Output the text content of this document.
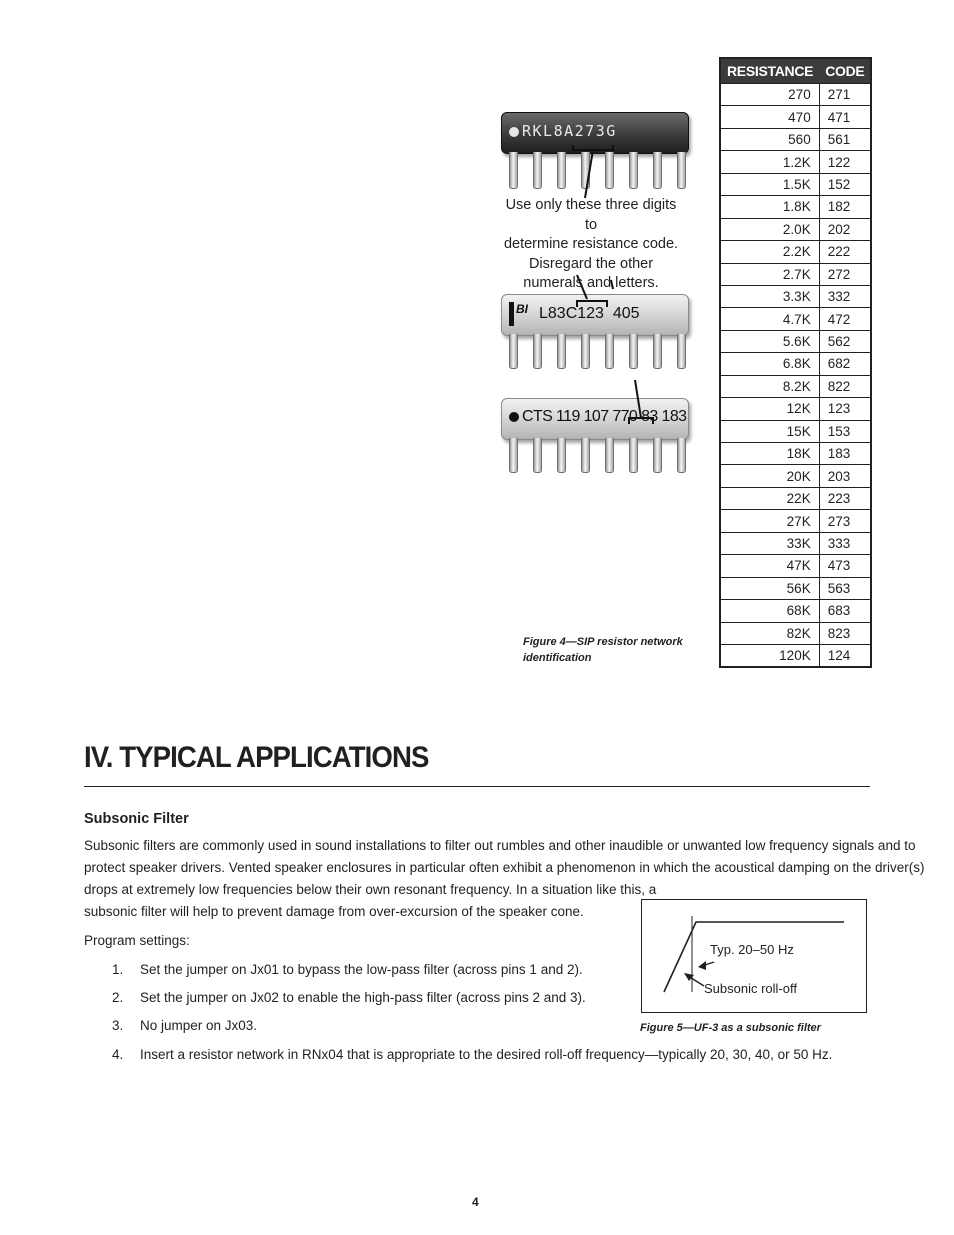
RKL8A273G
BI L83C123  405
CTS 119 107 770 83 183
Use only these three digits to
determine resistance code.
Disregard the other
numerals and letters.
Figure 4—SIP resistor network
identification
RESISTANCE	CODE
270	271
470	471
560	561
1.2K	122
1.5K	152
1.8K	182
2.0K	202
2.2K	222
2.7K	272
3.3K	332
4.7K	472
5.6K	562
6.8K	682
8.2K	822
12K	123
15K	153
18K	183
20K	203
22K	223
27K	273
33K	333
47K	473
56K	563
68K	683
82K	823
120K	124
IV. TYPICAL APPLICATIONS
Subsonic Filter
Subsonic filters are commonly used in sound installations to filter out rumbles and other inaudible or unwanted low frequency signals and to
protect speaker drivers. Vented speaker enclosures in particular often exhibit a phenomenon in which the acoustical damping on the driver(s)
drops at extremely low frequencies below their own resonant frequency. In a situation like this, a
subsonic filter will help to prevent damage from over-excursion of the speaker cone.
Program settings:
1. Set the jumper on Jx01 to bypass the low-pass filter (across pins 1 and 2).
2. Set the jumper on Jx02 to enable the high-pass filter (across pins 2 and 3).
3. No jumper on Jx03.
4. Insert a resistor network in RNx04 that is appropriate to the desired roll-off frequency—typically 20, 30, 40, or 50 Hz.
Typ. 20–50 Hz
Subsonic roll-off
Figure 5—UF-3 as a subsonic filter
4
